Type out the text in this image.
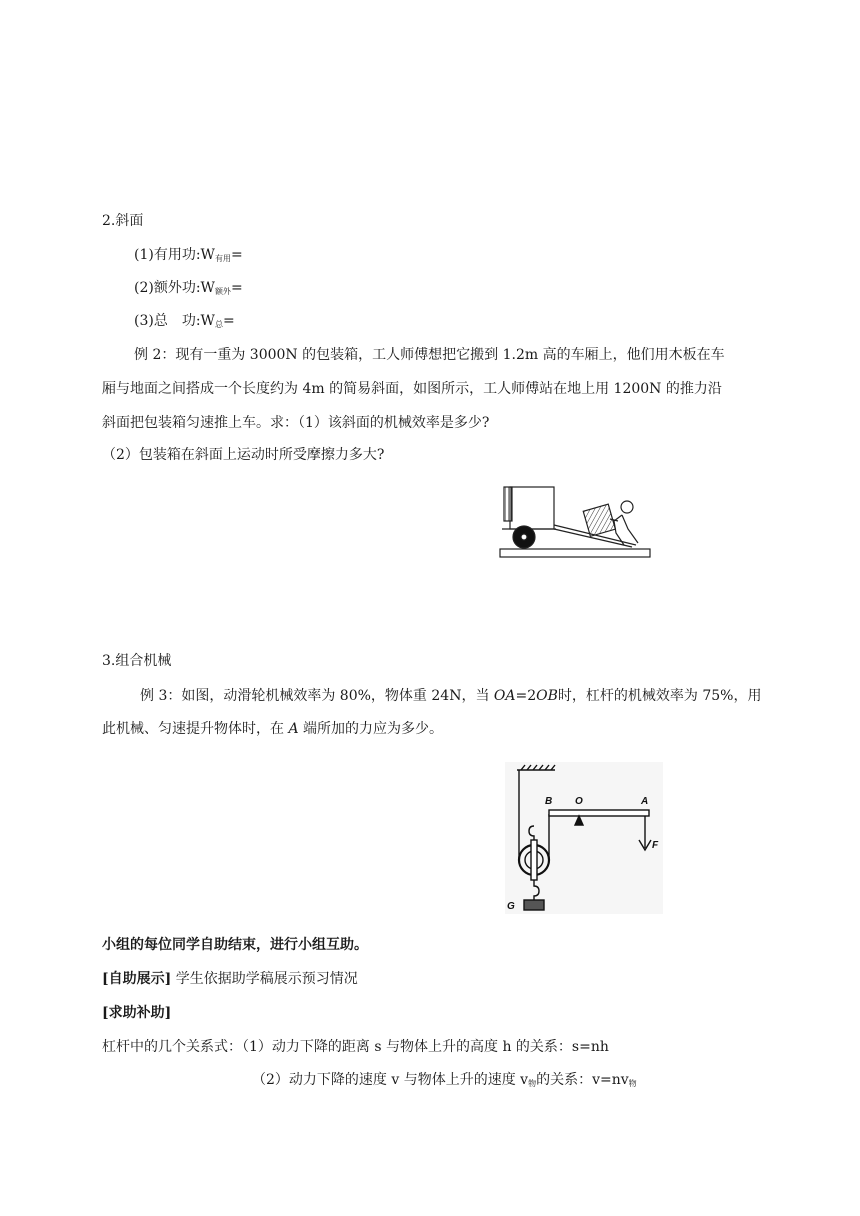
2.斜面
(1)有用功$:W_{有用}=$
(2)额外功$:W_{额外}=$
(3)总　功$:W_总=$
例 2：现有一重为 3000N 的包装箱，工人师傅想把它搬到 1.2m 高的车厢上，他们用木板在车
厢与地面之间搭成一个长度约为 4m 的简易斜面，如图所示，工人师傅站在地上用 1200N 的推力沿
斜面把包装箱匀速推上车。求：（1）该斜面的机械效率是多少?
（2）包装箱在斜面上运动时所受摩擦力多大?
3.组合机械
例 3：如图，动滑轮机械效率为 80%，物体重 24N，当 OA=2OB时，杠杆的机械效率为 75%，用
此机械、匀速提升物体时，在 A 端所加的力应为多少。
B O	A
F
G
小组的每位同学自助结束，进行小组互助。
[自助展示] 学生依据助学稿展示预习情况
[求助补助]
杠杆中的几个关系式：（1）动力下降的距离 s 与物体上升的高度 h 的关系：s=nh
（2）动力下降的速度 v 与物体上升的速度 $v_物$的关系：$v=nv_物$
